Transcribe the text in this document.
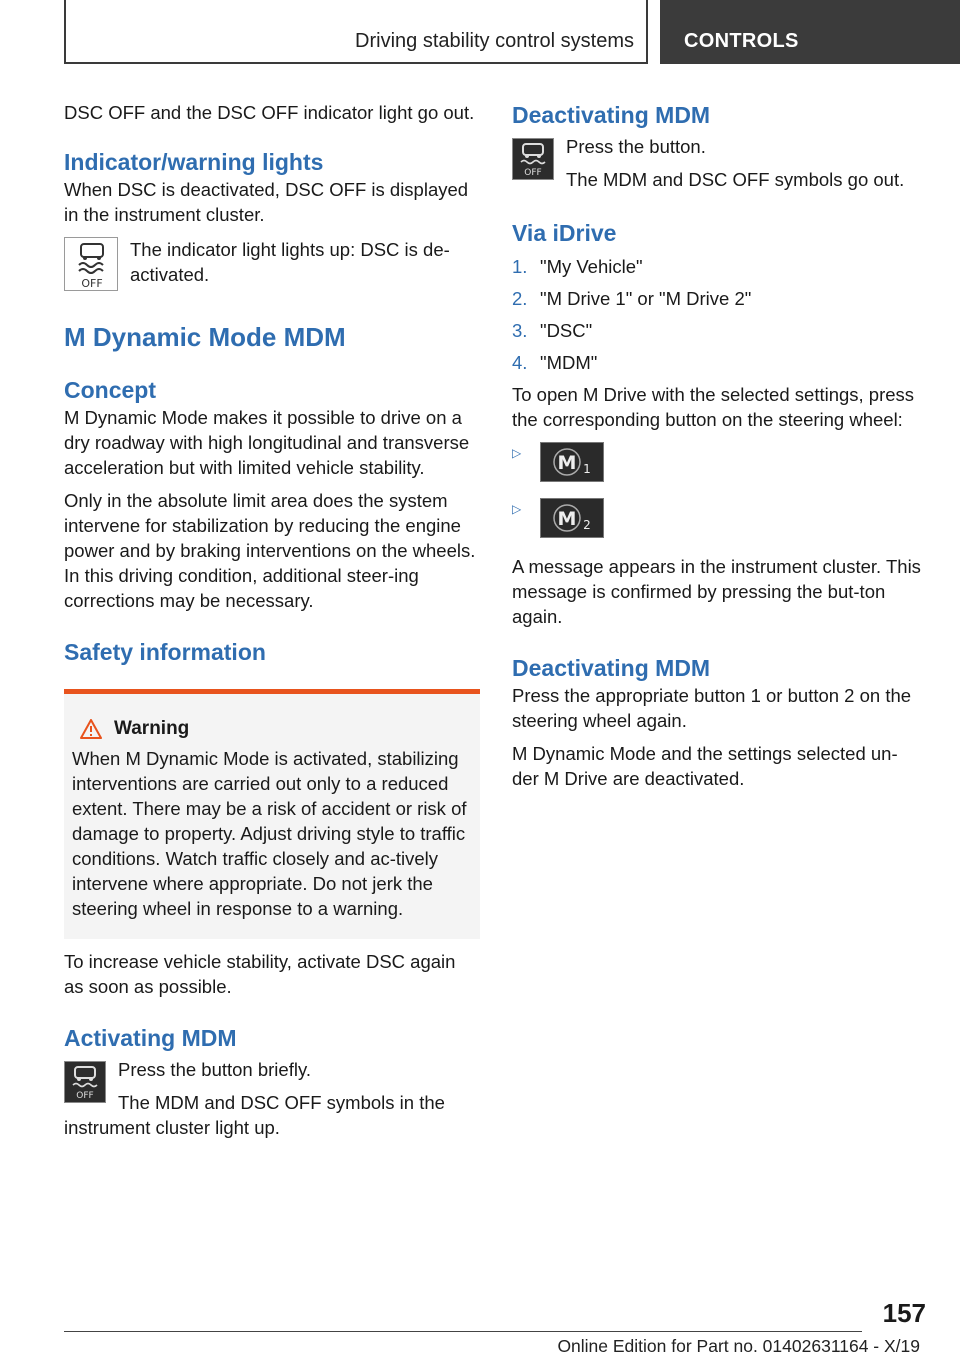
Driving stability control systems	CONTROLS

DSC OFF and the DSC OFF indicator light go out.

Indicator/warning lights

When DSC is deactivated, DSC OFF is displayed in the instrument cluster.

OFF

The indicator light lights up: DSC is de-activated.

M Dynamic Mode MDM
Concept

M Dynamic Mode makes it possible to drive on a dry roadway with high longitudinal and transverse acceleration but with limited vehicle stability.

Only in the absolute limit area does the system intervene for stabilization by reducing the engine power and by braking interventions on the wheels. In this driving condition, additional steer-ing corrections may be necessary.

Safety information
Warning

When M Dynamic Mode is activated, stabilizing interventions are carried out only to a reduced extent. There may be a risk of accident or risk of damage to property. Adjust driving style to traffic conditions. Watch traffic closely and ac-tively intervene where appropriate. Do not jerk the steering wheel in response to a warning.

To increase vehicle stability, activate DSC again as soon as possible.

Activating MDM
OFF

Press the button briefly.

The MDM and DSC OFF symbols in the instrument cluster light up.

Deactivating MDM
OFF

Press the button.

The MDM and DSC OFF symbols go out.

Via iDrive
1. "My Vehicle"
2. "M Drive 1" or "M Drive 2"
3. "DSC"
4. "MDM"

To open M Drive with the selected settings, press the corresponding button on the steering wheel:

▷	M 1
▷	M 2

A message appears in the instrument cluster. This message is confirmed by pressing the but-ton again.

Deactivating MDM

Press the appropriate button 1 or button 2 on the steering wheel again.

M Dynamic Mode and the settings selected un-der M Drive are deactivated.

157
Online Edition for Part no. 01402631164 - X/19
